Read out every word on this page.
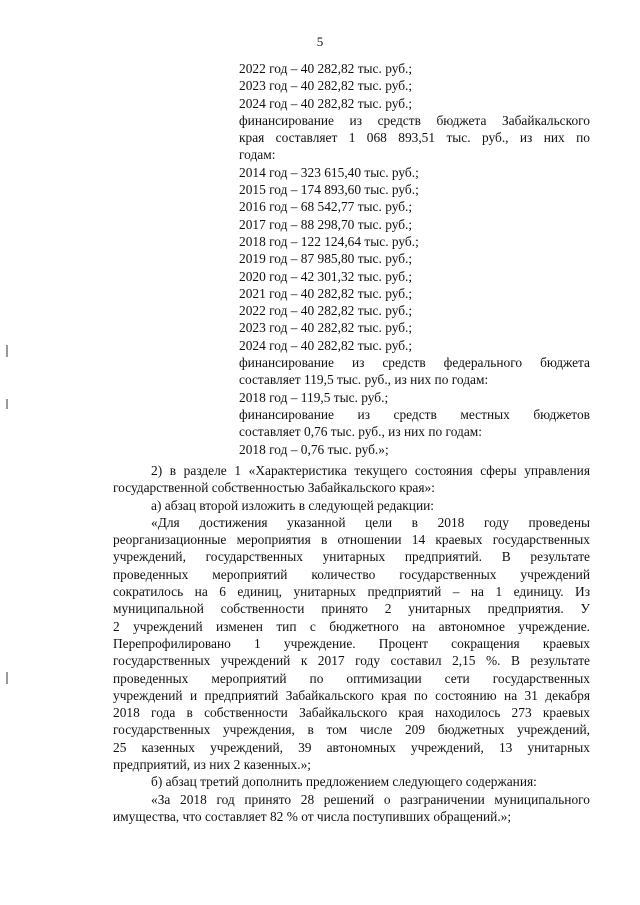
5
2022 год – 40 282,82 тыс. руб.;
2023 год – 40 282,82 тыс. руб.;
2024 год – 40 282,82 тыс. руб.;
финансирование из средств бюджета Забайкальского
края составляет 1 068 893,51 тыс. руб., из них по
годам:
2014 год – 323 615,40 тыс. руб.;
2015 год – 174 893,60 тыс. руб.;
2016 год – 68 542,77 тыс. руб.;
2017 год – 88 298,70 тыс. руб.;
2018 год – 122 124,64 тыс. руб.;
2019 год – 87 985,80 тыс. руб.;
2020 год – 42 301,32 тыс. руб.;
2021 год – 40 282,82 тыс. руб.;
2022 год – 40 282,82 тыс. руб.;
2023 год – 40 282,82 тыс. руб.;
2024 год – 40 282,82 тыс. руб.;
финансирование из средств федерального бюджета
составляет 119,5 тыс. руб., из них по годам:
2018 год – 119,5 тыс. руб.;
финансирование из средств местных бюджетов
составляет 0,76 тыс. руб., из них по годам:
2018 год – 0,76 тыс. руб.»;
2) в разделе 1 «Характеристика текущего состояния сферы управления
государственной собственностью Забайкальского края»:
а) абзац второй изложить в следующей редакции:
«Для достижения указанной цели в 2018 году проведены
реорганизационные мероприятия в отношении 14 краевых государственных
учреждений, государственных унитарных предприятий. В результате
проведенных мероприятий количество государственных учреждений
сократилось на 6 единиц, унитарных предприятий – на 1 единицу. Из
муниципальной собственности принято 2 унитарных предприятия. У
2 учреждений изменен тип с бюджетного на автономное учреждение.
Перепрофилировано 1 учреждение. Процент сокращения краевых
государственных учреждений к 2017 году составил 2,15 %. В результате
проведенных мероприятий по оптимизации сети государственных
учреждений и предприятий Забайкальского края по состоянию на 31 декабря
2018 года в собственности Забайкальского края находилось 273 краевых
государственных учреждения, в том числе 209 бюджетных учреждений,
25 казенных учреждений, 39 автономных учреждений, 13 унитарных
предприятий, из них 2 казенных.»;
б) абзац третий дополнить предложением следующего содержания:
«За 2018 год принято 28 решений о разграничении муниципального
имущества, что составляет 82 % от числа поступивших обращений.»;
